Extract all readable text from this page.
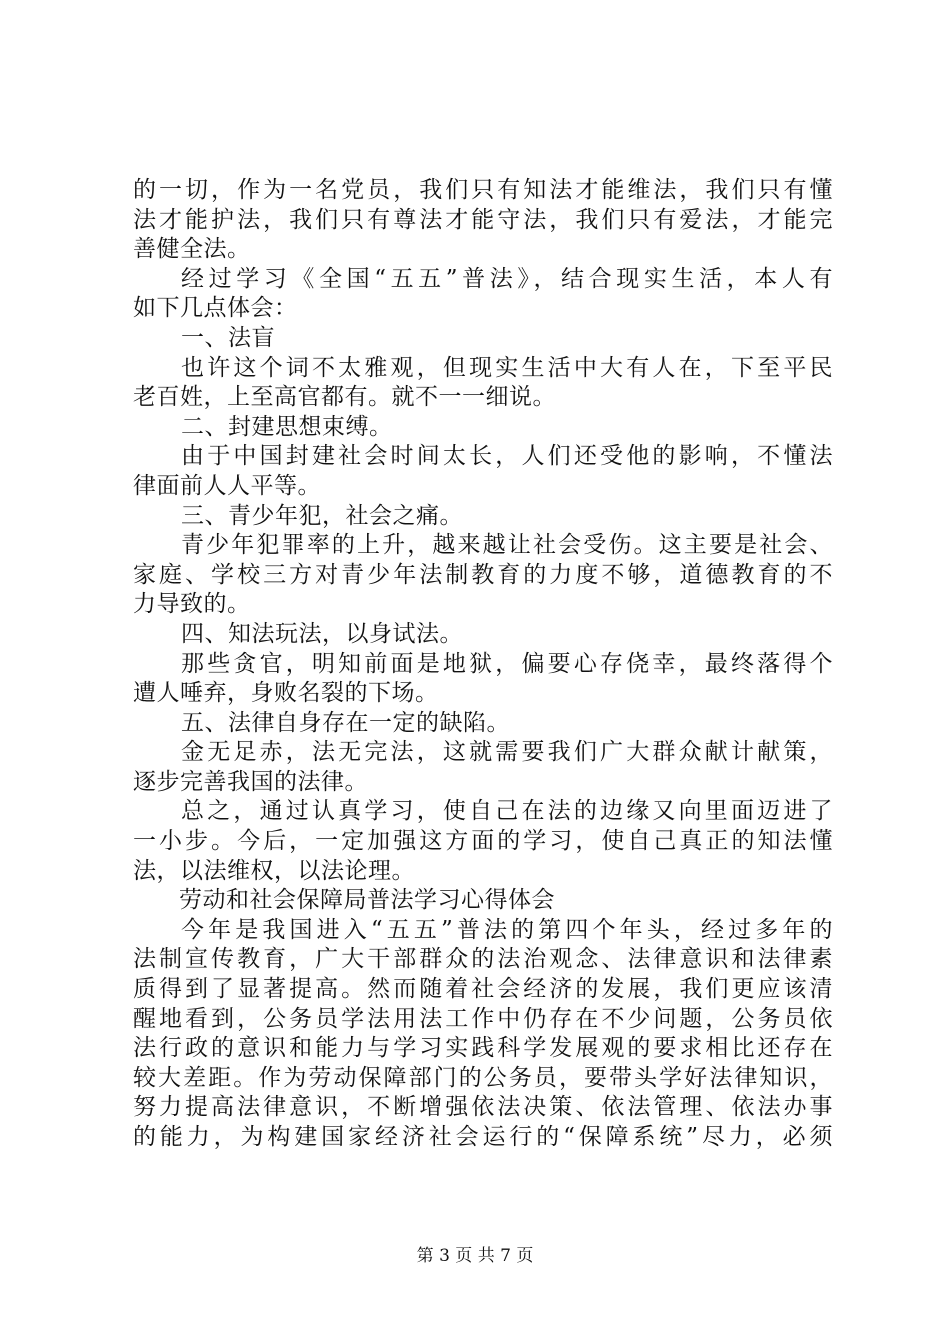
的一切，作为一名党员，我们只有知法才能维法，我们只有懂
法才能护法，我们只有尊法才能守法，我们只有爱法，才能完
善健全法。
经过学习《全国“五五”普法》，结合现实生活，本人有
如下几点体会：
一、法盲
也许这个词不太雅观，但现实生活中大有人在，下至平民
老百姓，上至高官都有。就不一一细说。
二、封建思想束缚。
由于中国封建社会时间太长，人们还受他的影响，不懂法
律面前人人平等。
三、青少年犯，社会之痛。
青少年犯罪率的上升，越来越让社会受伤。这主要是社会、
家庭、学校三方对青少年法制教育的力度不够，道德教育的不
力导致的。
四、知法玩法，以身试法。
那些贪官，明知前面是地狱，偏要心存侥幸，最终落得个
遭人唾弃，身败名裂的下场。
五、法律自身存在一定的缺陷。
金无足赤，法无完法，这就需要我们广大群众献计献策，
逐步完善我国的法律。
总之，通过认真学习，使自己在法的边缘又向里面迈进了
一小步。今后，一定加强这方面的学习，使自己真正的知法懂
法，以法维权，以法论理。
劳动和社会保障局普法学习心得体会
今年是我国进入“五五”普法的第四个年头，经过多年的
法制宣传教育，广大干部群众的法治观念、法律意识和法律素
质得到了显著提高。然而随着社会经济的发展，我们更应该清
醒地看到，公务员学法用法工作中仍存在不少问题，公务员依
法行政的意识和能力与学习实践科学发展观的要求相比还存在
较大差距。作为劳动保障部门的公务员，要带头学好法律知识，
努力提高法律意识，不断增强依法决策、依法管理、依法办事
的能力，为构建国家经济社会运行的“保障系统”尽力，必须
第 3 页 共 7 页
